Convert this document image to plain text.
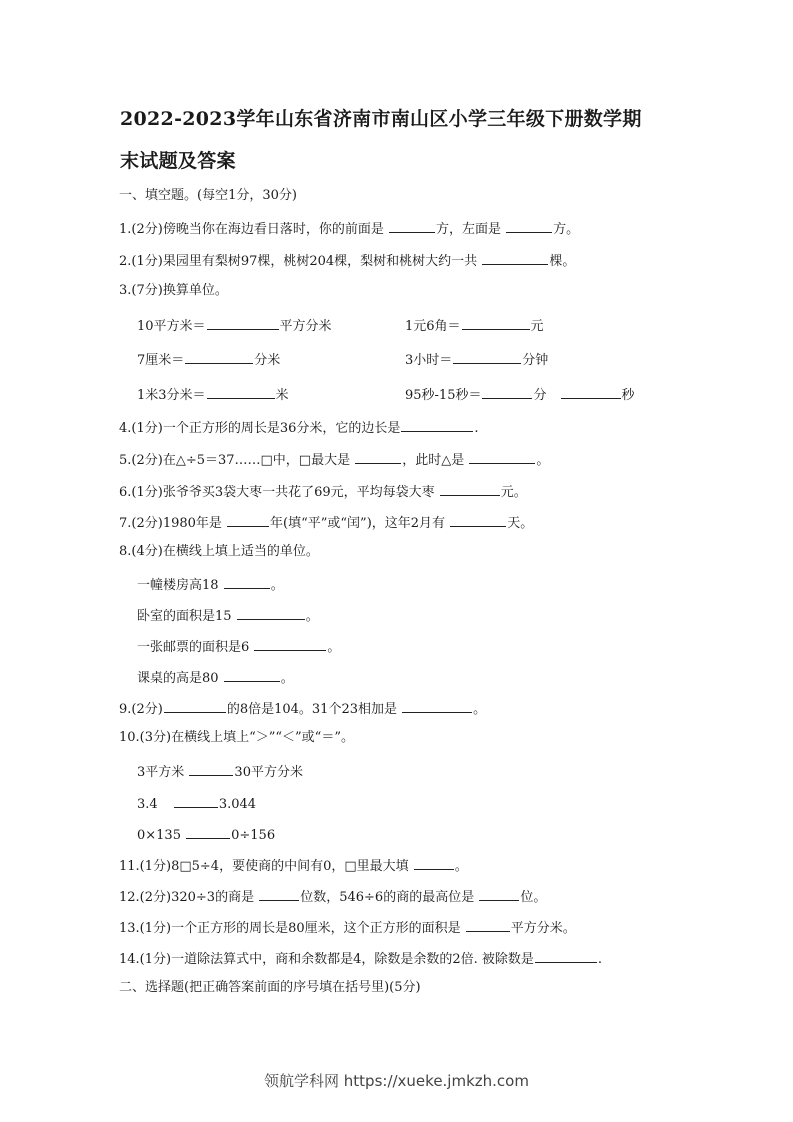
2022-2023学年山东省济南市南山区小学三年级下册数学期
末试题及答案
一、填空题。(每空1分，30分)
1.(2分)傍晚当你在海边看日落时，你的前面是	方，左面是	方。
2.(1分)果园里有梨树97棵，桃树204棵，梨树和桃树大约一共	棵。
3.(7分)换算单位。
10平方米＝	平方分米	1元6角＝	元
7厘米＝	分米	3小时＝	分钟
1米3分米＝	米	95秒-15秒＝	分	秒
4.(1分)一个正方形的周长是36分米，它的边长是	.
5.(2分)在△÷5＝37……□中，□最大是	，此时△是	。
6.(1分)张爷爷买3袋大枣一共花了69元，平均每袋大枣	元。
7.(2分)1980年是	年(填“平”或“闰”)，这年2月有	天。
8.(4分)在横线上填上适当的单位。
一幢楼房高18	。
卧室的面积是15	。
一张邮票的面积是6	。
课桌的高是80	。
9.(2分)	的8倍是104。31个23相加是	。
10.(3分)在横线上填上“＞”“＜”或“＝”。
3平方米	30平方分米
3.4	3.044
0×135	0÷156
11.(1分)8□5÷4，要使商的中间有0，□里最大填	。
12.(2分)320÷3的商是	位数，546÷6的商的最高位是	位。
13.(1分)一个正方形的周长是80厘米，这个正方形的面积是	平方分米。
14.(1分)一道除法算式中，商和余数都是4，除数是余数的2倍. 被除数是	.
二、选择题(把正确答案前面的序号填在括号里)(5分)
领航学科网 https://xueke.jmkzh.com
